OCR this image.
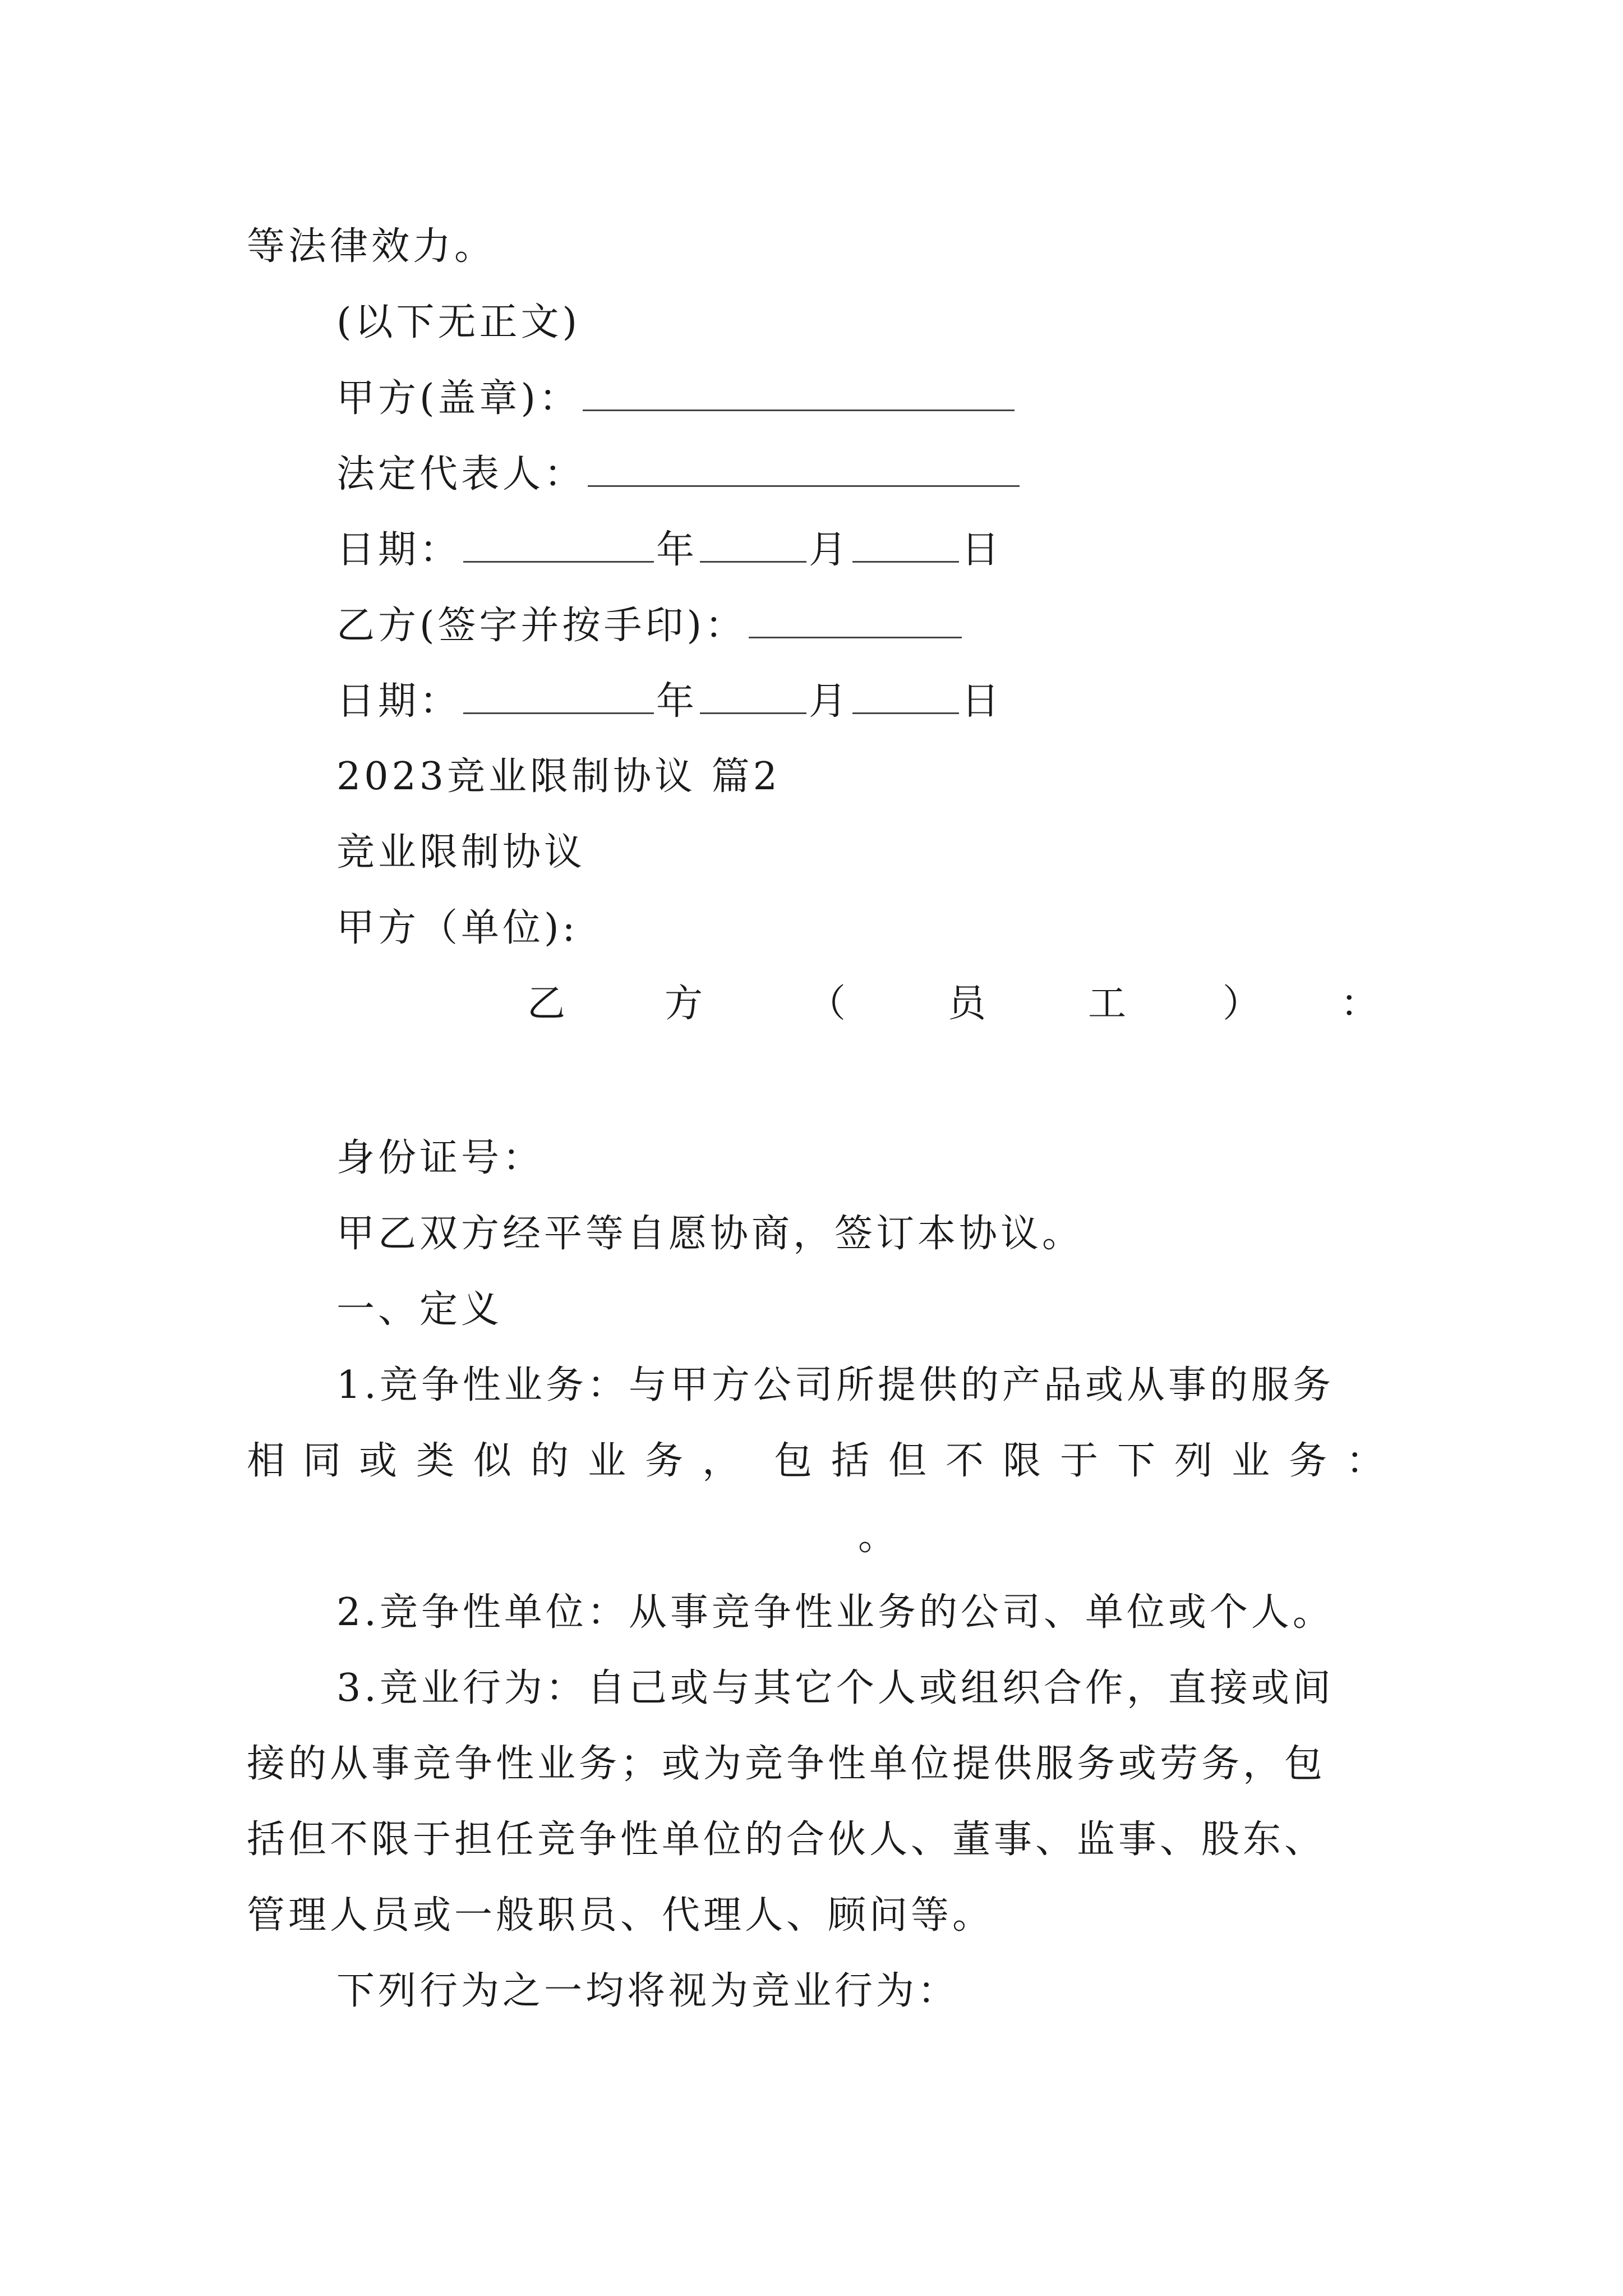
等法律效力。
(以下无正文)
甲方(盖章)：
法定代表人：
日期：	年	月	日
乙方(签字并按手印)：
日期：	年	月	日
2023竞业限制协议 篇2
竞业限制协议
甲方（单位):
乙	方	（	员	工	） ：
身份证号：
甲乙双方经平等自愿协商，签订本协议。
一、定义
1.竞争性业务：与甲方公司所提供的产品或从事的服务
相 同 或 类 似 的 业 务 ， 包 括 但 不 限 于 下 列 业 务 ：
。
2.竞争性单位：从事竞争性业务的公司、单位或个人。
3.竞业行为：自己或与其它个人或组织合作，直接或间
接的从事竞争性业务；或为竞争性单位提供服务或劳务，包
括但不限于担任竞争性单位的合伙人、董事、监事、股东、
管理人员或一般职员、代理人、顾问等。
下列行为之一均将视为竞业行为：
